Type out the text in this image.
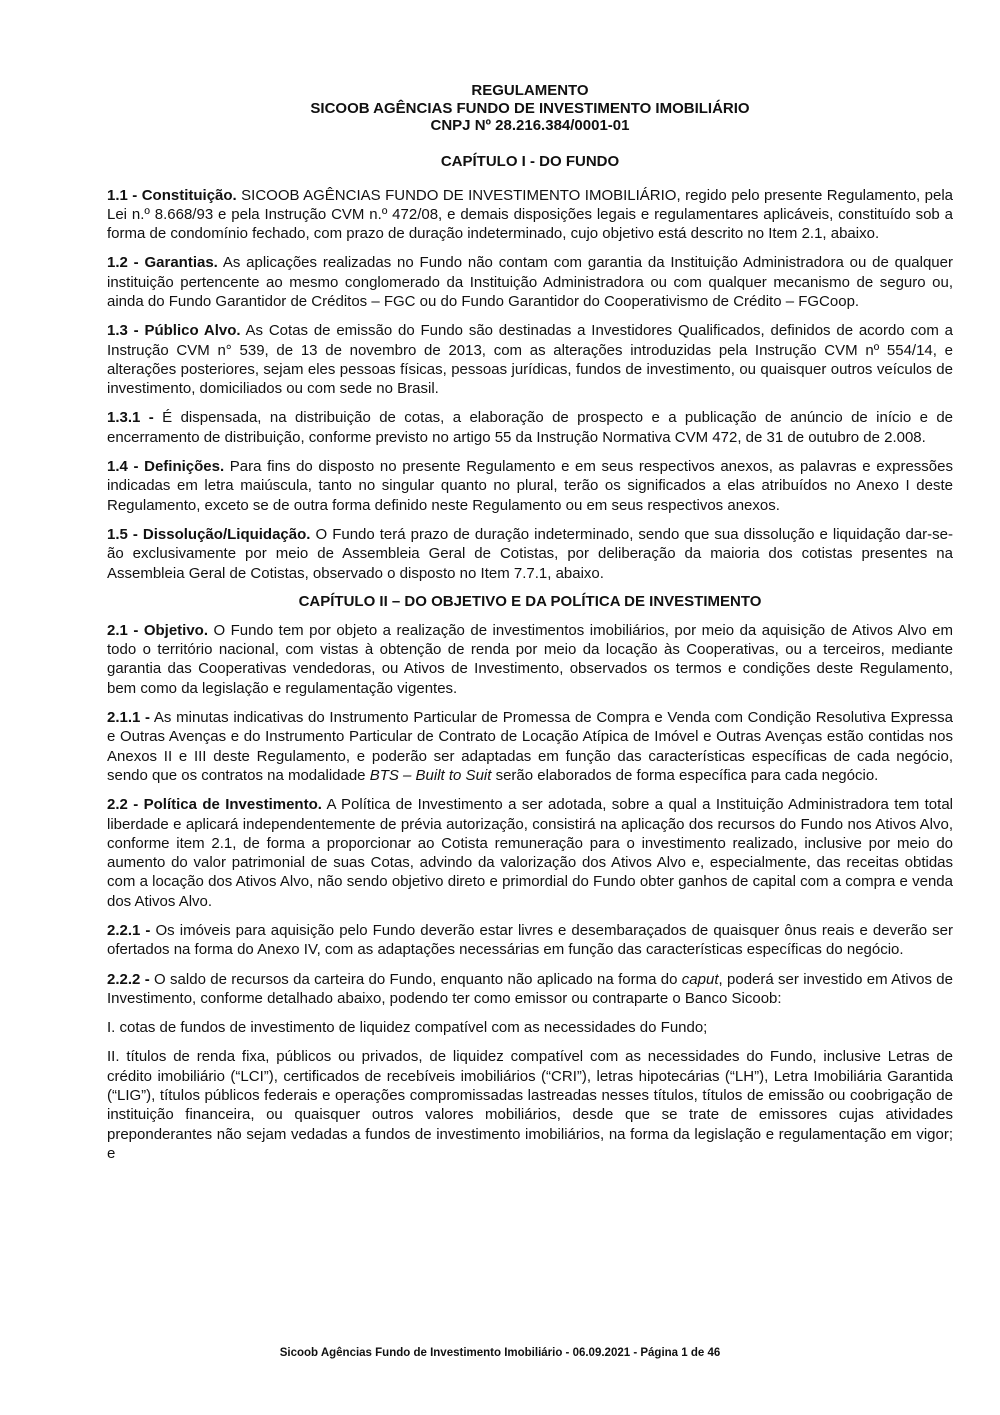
REGULAMENTO

SICOOB AGÊNCIAS FUNDO DE INVESTIMENTO IMOBILIÁRIO

CNPJ Nº 28.216.384/0001-01

CAPÍTULO I - DO FUNDO

1.1 - Constituição. SICOOB AGÊNCIAS FUNDO DE INVESTIMENTO IMOBILIÁRIO, regido pelo presente Regulamento, pela Lei n.º 8.668/93 e pela Instrução CVM n.º 472/08, e demais disposições legais e regulamentares aplicáveis, constituído sob a forma de condomínio fechado, com prazo de duração indeterminado, cujo objetivo está descrito no Item 2.1, abaixo.

1.2 - Garantias. As aplicações realizadas no Fundo não contam com garantia da Instituição Administradora ou de qualquer instituição pertencente ao mesmo conglomerado da Instituição Administradora ou com qualquer mecanismo de seguro ou, ainda do Fundo Garantidor de Créditos – FGC ou do Fundo Garantidor do Cooperativismo de Crédito – FGCoop.

1.3 - Público Alvo. As Cotas de emissão do Fundo são destinadas a Investidores Qualificados, definidos de acordo com a Instrução CVM n° 539, de 13 de novembro de 2013, com as alterações introduzidas pela Instrução CVM nº 554/14, e alterações posteriores, sejam eles pessoas físicas, pessoas jurídicas, fundos de investimento, ou quaisquer outros veículos de investimento, domiciliados ou com sede no Brasil.

1.3.1 - É dispensada, na distribuição de cotas, a elaboração de prospecto e a publicação de anúncio de início e de encerramento de distribuição, conforme previsto no artigo 55 da Instrução Normativa CVM 472, de 31 de outubro de 2.008.

1.4 - Definições. Para fins do disposto no presente Regulamento e em seus respectivos anexos, as palavras e expressões indicadas em letra maiúscula, tanto no singular quanto no plural, terão os significados a elas atribuídos no Anexo I deste Regulamento, exceto se de outra forma definido neste Regulamento ou em seus respectivos anexos.

1.5 - Dissolução/Liquidação. O Fundo terá prazo de duração indeterminado, sendo que sua dissolução e liquidação dar-se-ão exclusivamente por meio de Assembleia Geral de Cotistas, por deliberação da maioria dos cotistas presentes na Assembleia Geral de Cotistas, observado o disposto no Item 7.7.1, abaixo.

CAPÍTULO II – DO OBJETIVO E DA POLÍTICA DE INVESTIMENTO

2.1 - Objetivo. O Fundo tem por objeto a realização de investimentos imobiliários, por meio da aquisição de Ativos Alvo em todo o território nacional, com vistas à obtenção de renda por meio da locação às Cooperativas, ou a terceiros, mediante garantia das Cooperativas vendedoras, ou Ativos de Investimento, observados os termos e condições deste Regulamento, bem como da legislação e regulamentação vigentes.

2.1.1 - As minutas indicativas do Instrumento Particular de Promessa de Compra e Venda com Condição Resolutiva Expressa e Outras Avenças e do Instrumento Particular de Contrato de Locação Atípica de Imóvel e Outras Avenças estão contidas nos Anexos II e III deste Regulamento, e poderão ser adaptadas em função das características específicas de cada negócio, sendo que os contratos na modalidade BTS – Built to Suit serão elaborados de forma específica para cada negócio.

2.2 - Política de Investimento. A Política de Investimento a ser adotada, sobre a qual a Instituição Administradora tem total liberdade e aplicará independentemente de prévia autorização, consistirá na aplicação dos recursos do Fundo nos Ativos Alvo, conforme item 2.1, de forma a proporcionar ao Cotista remuneração para o investimento realizado, inclusive por meio do aumento do valor patrimonial de suas Cotas, advindo da valorização dos Ativos Alvo e, especialmente, das receitas obtidas com a locação dos Ativos Alvo, não sendo objetivo direto e primordial do Fundo obter ganhos de capital com a compra e venda dos Ativos Alvo.

2.2.1 - Os imóveis para aquisição pelo Fundo deverão estar livres e desembaraçados de quaisquer ônus reais e deverão ser ofertados na forma do Anexo IV, com as adaptações necessárias em função das características específicas do negócio.

2.2.2 - O saldo de recursos da carteira do Fundo, enquanto não aplicado na forma do caput, poderá ser investido em Ativos de Investimento, conforme detalhado abaixo, podendo ter como emissor ou contraparte o Banco Sicoob:

I. cotas de fundos de investimento de liquidez compatível com as necessidades do Fundo;

II. títulos de renda fixa, públicos ou privados, de liquidez compatível com as necessidades do Fundo, inclusive Letras de crédito imobiliário (“LCI”), certificados de recebíveis imobiliários (“CRI”), letras hipotecárias (“LH”), Letra Imobiliária Garantida (“LIG”), títulos públicos federais e operações compromissadas lastreadas nesses títulos, títulos de emissão ou coobrigação de instituição financeira, ou quaisquer outros valores mobiliários, desde que se trate de emissores cujas atividades preponderantes não sejam vedadas a fundos de investimento imobiliários, na forma da legislação e regulamentação em vigor; e

Sicoob Agências Fundo de Investimento Imobiliário - 06.09.2021 - Página 1 de 46
